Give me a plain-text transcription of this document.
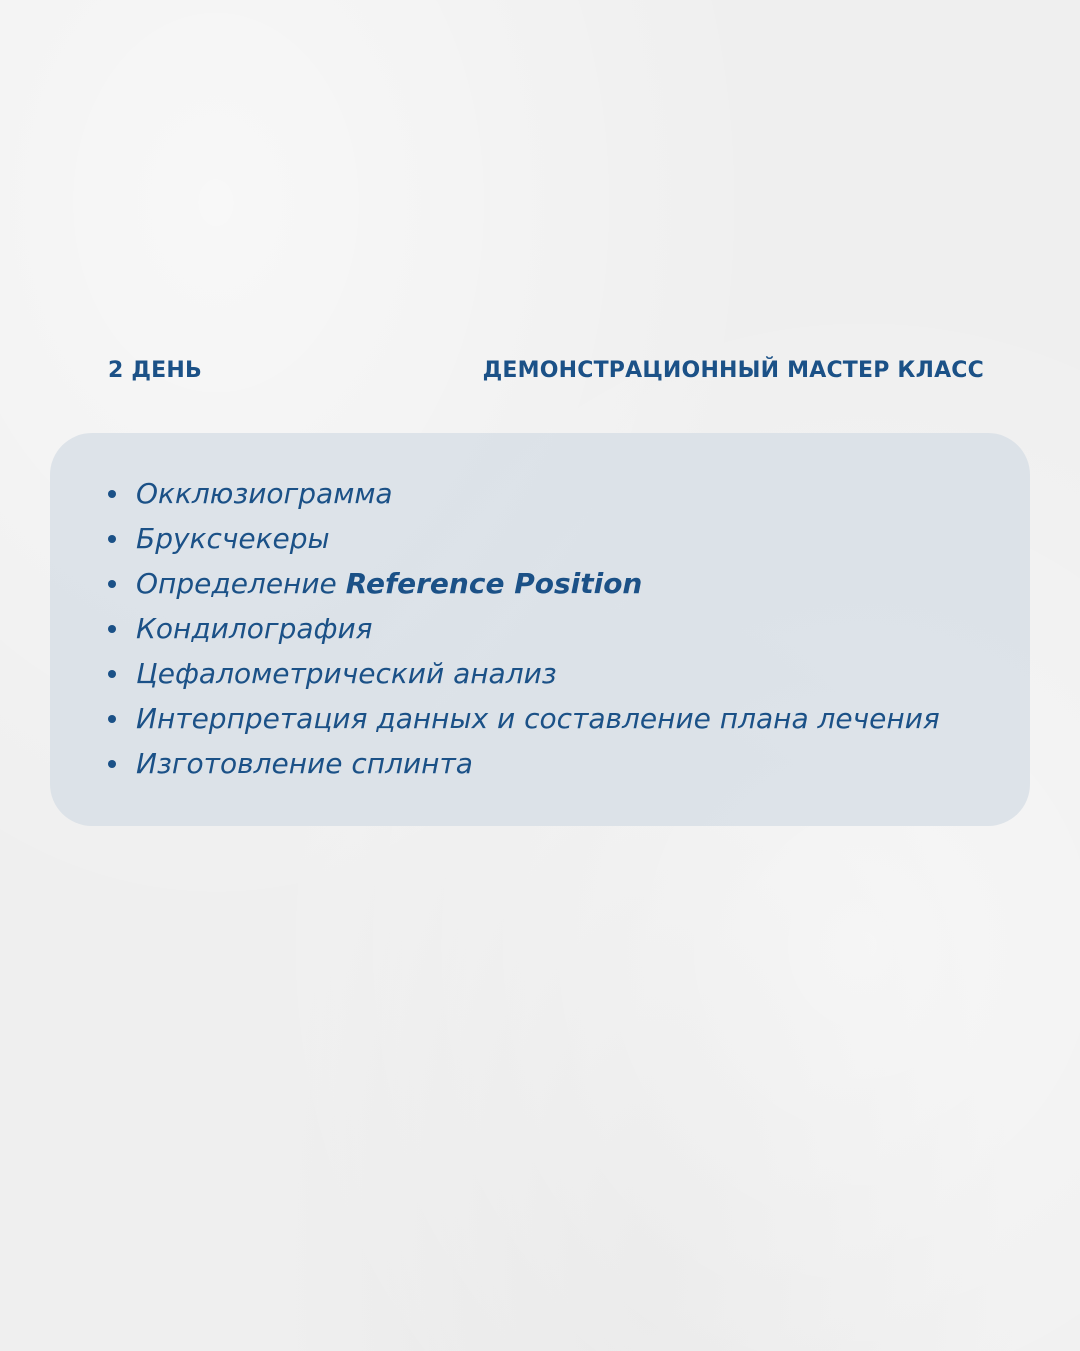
2 ДЕНЬ	ДЕМОНСТРАЦИОННЫЙ МАСТЕР КЛАСС
Окклюзиограмма
Бруксчекеры
Определение Reference Position
Кондилография
Цефалометрический анализ
Интерпретация данных и составление плана лечения
Изготовление сплинта
